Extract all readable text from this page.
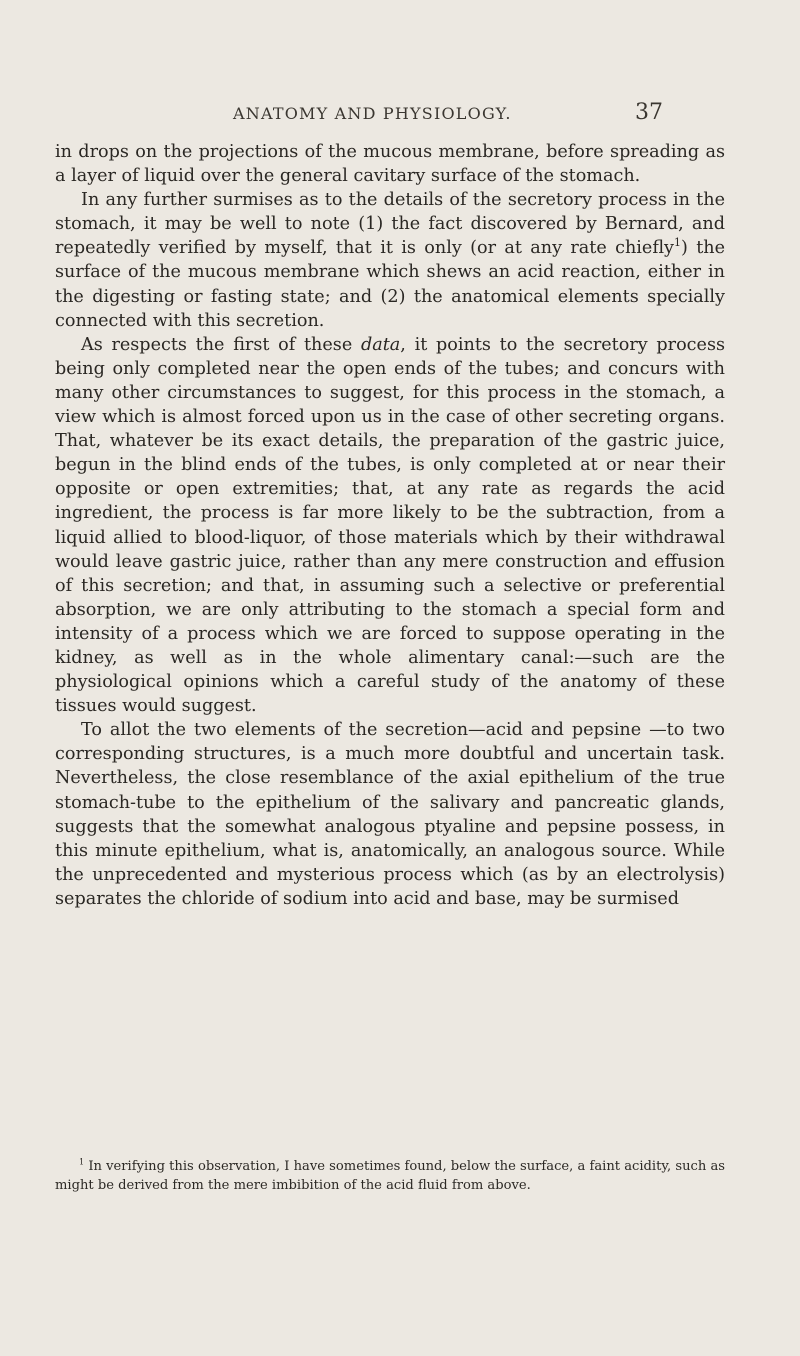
ANATOMY AND PHYSIOLOGY.	37

in drops on the projections of the mucous membrane, before spreading as a layer of liquid over the general cavitary surface of the stomach.

In any further surmises as to the details of the secretory process in the stomach, it may be well to note (1) the fact discovered by Bernard, and repeatedly verified by myself, that it is only (or at any rate chiefly$^1$) the surface of the mucous membrane which shews an acid reaction, either in the digesting or fasting state; and (2) the anatomical elements specially connected with this secretion.

As respects the first of these data, it points to the secretory process being only completed near the open ends of the tubes; and concurs with many other circumstances to suggest, for this process in the stomach, a view which is almost forced upon us in the case of other secreting organs. That, whatever be its exact details, the preparation of the gastric juice, begun in the blind ends of the tubes, is only completed at or near their opposite or open extremities; that, at any rate as regards the acid ingredient, the process is far more likely to be the subtraction, from a liquid allied to blood-liquor, of those materials which by their withdrawal would leave gastric juice, rather than any mere construction and effusion of this secretion; and that, in assuming such a selective or preferential absorption, we are only attributing to the stomach a special form and intensity of a process which we are forced to suppose operating in the kidney, as well as in the whole alimentary canal:—such are the physiological opinions which a careful study of the anatomy of these tissues would suggest.

To allot the two elements of the secretion—acid and pepsine —to two corresponding structures, is a much more doubtful and uncertain task. Nevertheless, the close resemblance of the axial epithelium of the true stomach-tube to the epithelium of the salivary and pancreatic glands, suggests that the somewhat analogous ptyaline and pepsine possess, in this minute epithelium, what is, anatomically, an analogous source. While the unprecedented and mysterious process which (as by an electrolysis) separates the chloride of sodium into acid and base, may be surmised

$^1$ In verifying this observation, I have sometimes found, below the surface, a faint acidity, such as might be derived from the mere imbibition of the acid fluid from above.
